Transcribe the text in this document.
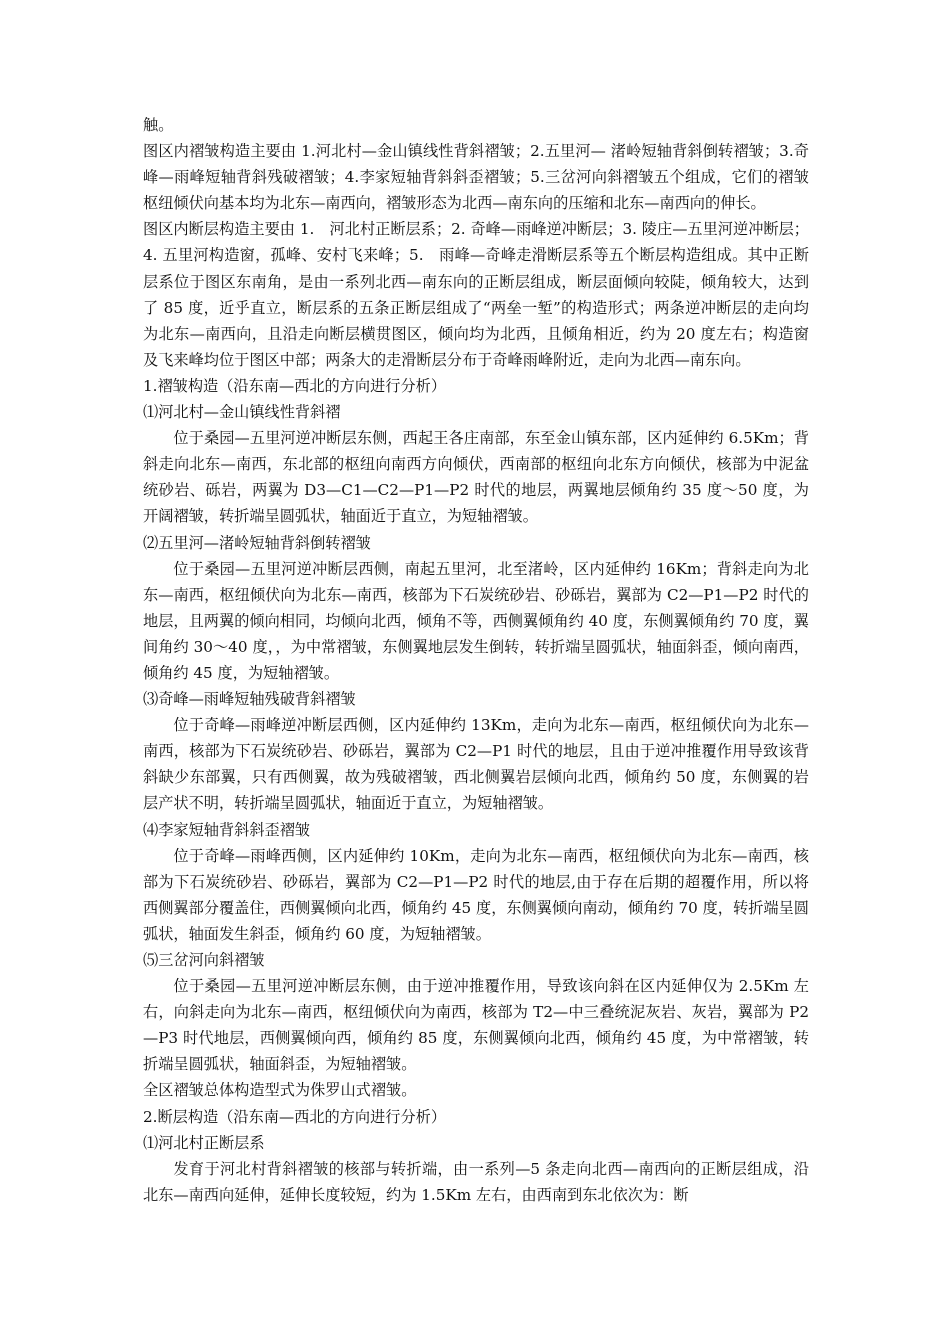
触。

图区内褶皱构造主要由 1.河北村—金山镇线性背斜褶皱；2.五里河— 渚岭短轴背斜倒转褶皱；3.奇峰—雨峰短轴背斜残破褶皱；4.李家短轴背斜斜歪褶皱；5.三岔河向斜褶皱五个组成，它们的褶皱枢纽倾伏向基本均为北东—南西向，褶皱形态为北西—南东向的压缩和北东—南西向的伸长。

图区内断层构造主要由 1.　河北村正断层系；2. 奇峰—雨峰逆冲断层；3. 陵庄—五里河逆冲断层；4. 五里河构造窗，孤峰、安村飞来峰；5.　雨峰—奇峰走滑断层系等五个断层构造组成。其中正断层系位于图区东南角，是由一系列北西—南东向的正断层组成，断层面倾向较陡，倾角较大，达到了 85 度，近乎直立，断层系的五条正断层组成了“两垒一堑”的构造形式；两条逆冲断层的走向均为北东—南西向，且沿走向断层横贯图区，倾向均为北西，且倾角相近，约为 20 度左右；构造窗及飞来峰均位于图区中部；两条大的走滑断层分布于奇峰雨峰附近，走向为北西—南东向。

1.褶皱构造（沿东南—西北的方向进行分析）

⑴河北村—金山镇线性背斜褶

位于桑园—五里河逆冲断层东侧，西起王各庄南部，东至金山镇东部，区内延伸约 6.5Km；背斜走向北东—南西，东北部的枢纽向南西方向倾伏，西南部的枢纽向北东方向倾伏，核部为中泥盆统砂岩、砾岩，两翼为 D3—C1—C2—P1—P2 时代的地层，两翼地层倾角约 35 度～50 度，为开阔褶皱，转折端呈圆弧状，轴面近于直立，为短轴褶皱。

⑵五里河—渚岭短轴背斜倒转褶皱

位于桑园—五里河逆冲断层西侧，南起五里河，北至渚岭，区内延伸约 16Km；背斜走向为北东—南西，枢纽倾伏向为北东—南西，核部为下石炭统砂岩、砂砾岩，翼部为 C2—P1—P2 时代的地层，且两翼的倾向相同，均倾向北西，倾角不等，西侧翼倾角约 40 度，东侧翼倾角约 70 度，翼间角约 30～40 度，，为中常褶皱，东侧翼地层发生倒转，转折端呈圆弧状，轴面斜歪，倾向南西，倾角约 45 度，为短轴褶皱。

⑶奇峰—雨峰短轴残破背斜褶皱

位于奇峰—雨峰逆冲断层西侧，区内延伸约 13Km，走向为北东—南西，枢纽倾伏向为北东—南西，核部为下石炭统砂岩、砂砾岩，翼部为 C2—P1 时代的地层，且由于逆冲推覆作用导致该背斜缺少东部翼，只有西侧翼，故为残破褶皱，西北侧翼岩层倾向北西，倾角约 50 度，东侧翼的岩层产状不明，转折端呈圆弧状，轴面近于直立，为短轴褶皱。

⑷李家短轴背斜斜歪褶皱

位于奇峰—雨峰西侧，区内延伸约 10Km，走向为北东—南西，枢纽倾伏向为北东—南西，核部为下石炭统砂岩、砂砾岩，翼部为 C2—P1—P2 时代的地层,由于存在后期的超覆作用，所以将西侧翼部分覆盖住，西侧翼倾向北西，倾角约 45 度，东侧翼倾向南动，倾角约 70 度，转折端呈圆弧状，轴面发生斜歪，倾角约 60 度，为短轴褶皱。

⑸三岔河向斜褶皱

位于桑园—五里河逆冲断层东侧，由于逆冲推覆作用，导致该向斜在区内延伸仅为 2.5Km 左右，向斜走向为北东—南西，枢纽倾伏向为南西，核部为 T2—中三叠统泥灰岩、灰岩，翼部为 P2—P3 时代地层，西侧翼倾向西，倾角约 85 度，东侧翼倾向北西，倾角约 45 度，为中常褶皱，转折端呈圆弧状，轴面斜歪，为短轴褶皱。

全区褶皱总体构造型式为侏罗山式褶皱。

2.断层构造（沿东南—西北的方向进行分析）

⑴河北村正断层系

发育于河北村背斜褶皱的核部与转折端，由一系列—5 条走向北西—南西向的正断层组成，沿北东—南西向延伸，延伸长度较短，约为 1.5Km 左右，由西南到东北依次为：断
